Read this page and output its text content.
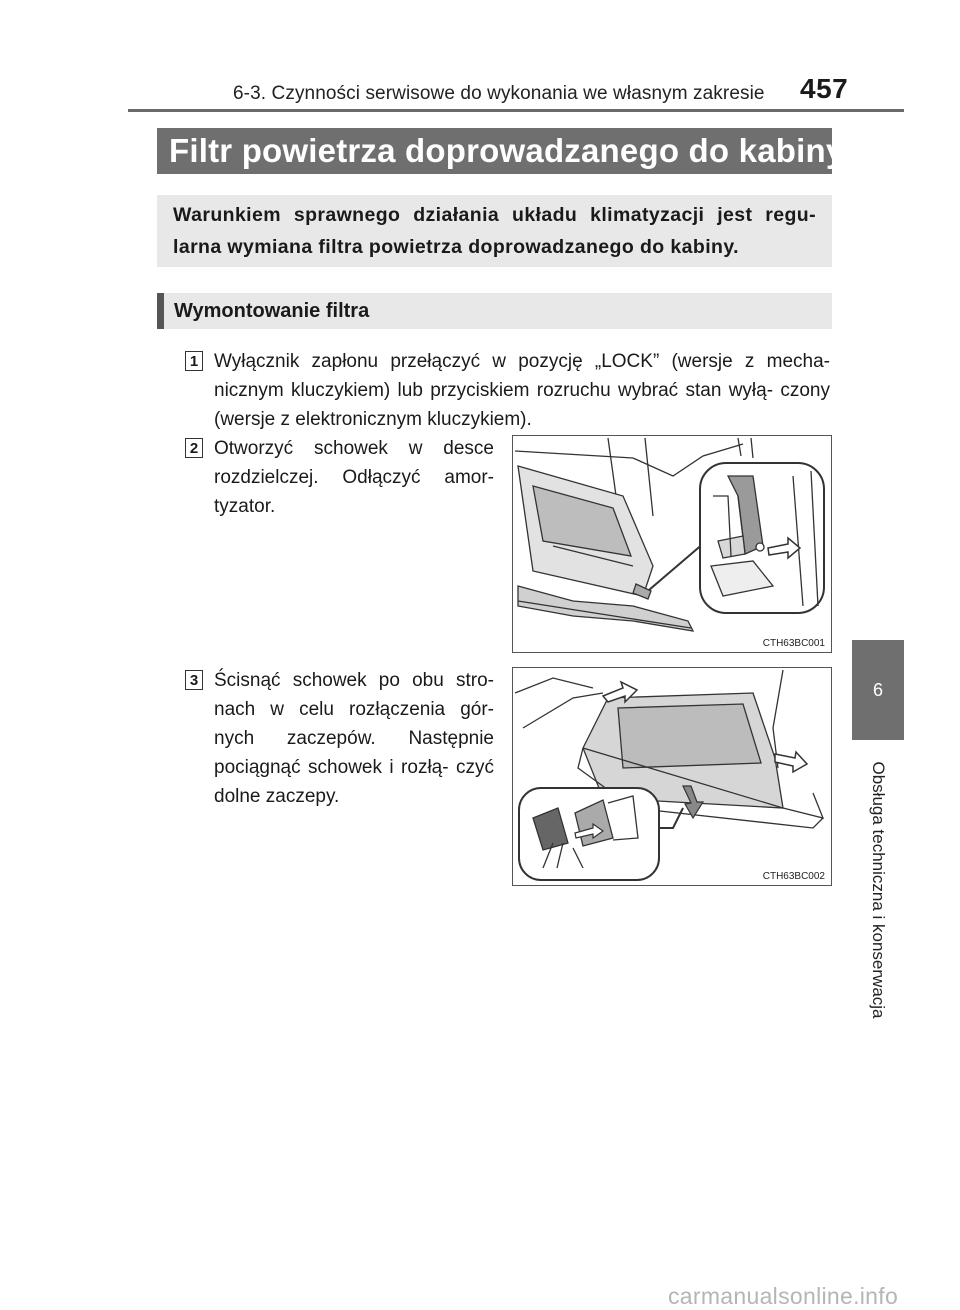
6-3. Czynności serwisowe do wykonania we własnym zakresie 457
Filtr powietrza doprowadzanego do kabiny
Warunkiem sprawnego działania układu klimatyzacji jest regu- larna wymiana filtra powietrza doprowadzanego do kabiny.
Wymontowanie filtra
1 Wyłącznik zapłonu przełączyć w pozycję „LOCK” (wersje z mecha- nicznym kluczykiem) lub przyciskiem rozruchu wybrać stan wyłą- czony (wersje z elektronicznym kluczykiem).
2 Otworzyć schowek w desce rozdzielczej. Odłączyć amor- tyzator.
3 Ścisnąć schowek po obu stro- nach w celu rozłączenia gór- nych zaczepów. Następnie pociągnąć schowek i rozłą- czyć dolne zaczepy.
CTH63BC001
CTH63BC002
6
Obsługa techniczna i konserwacja
carmanualsonline.info
